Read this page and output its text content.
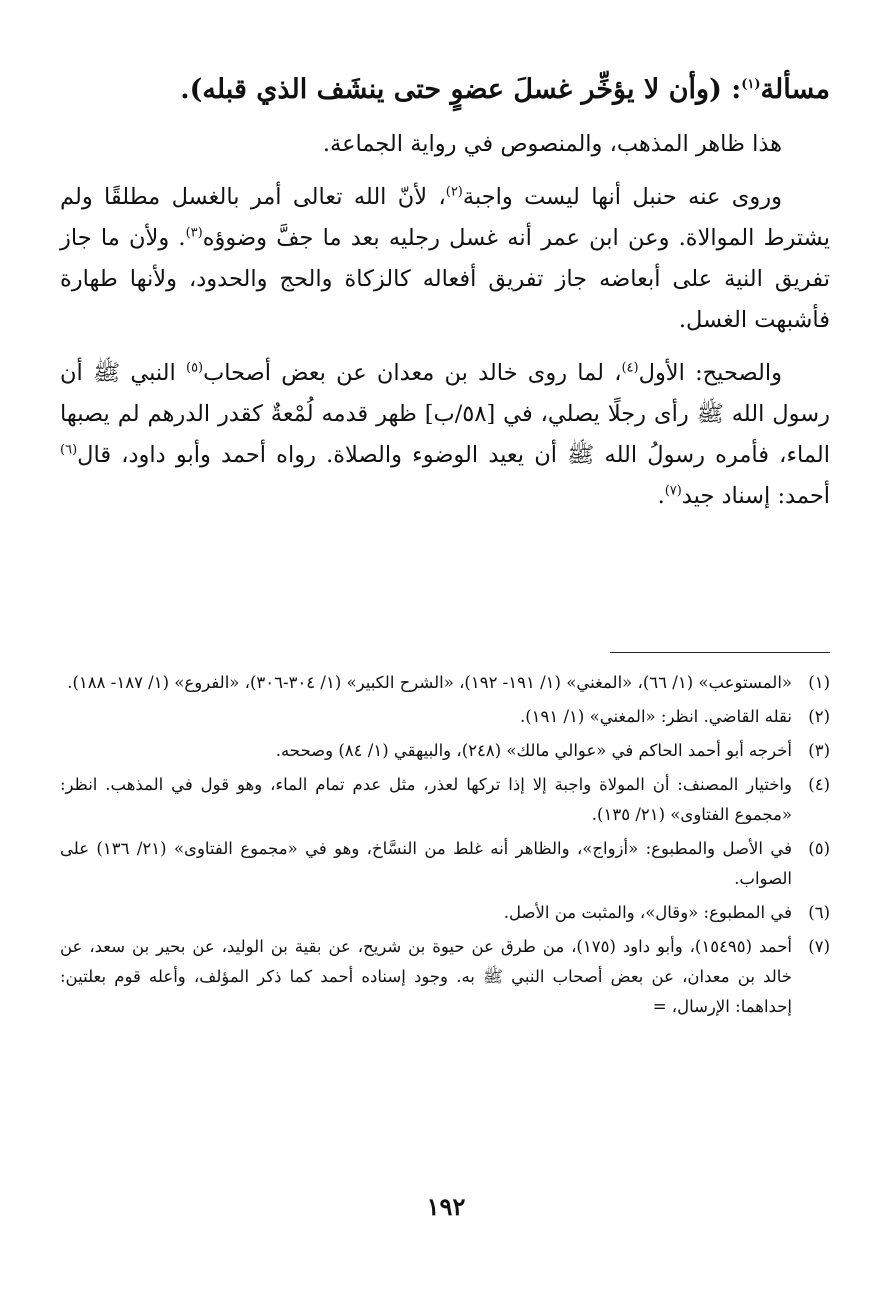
مسألة$^{(١)}$: (وأن لا يؤخِّر غسلَ عضوٍ حتى ينشَف الذي قبله).

هذا ظاهر المذهب، والمنصوص في رواية الجماعة.

وروى عنه حنبل أنها ليست واجبة$^{(٢)}$، لأنّ الله تعالى أمر بالغسل مطلقًا ولم يشترط الموالاة. وعن ابن عمر أنه غسل رجليه بعد ما جفَّ وضوؤه$^{(٣)}$. ولأن ما جاز تفريق النية على أبعاضه جاز تفريق أفعاله كالزكاة والحج والحدود، ولأنها طهارة فأشبهت الغسل.

والصحيح: الأول$^{(٤)}$، لما روى خالد بن معدان عن بعض أصحاب$^{(٥)}$ النبي ﷺ أن رسول الله ﷺ رأى رجلًا يصلي، في [٥٨/ب] ظهر قدمه لُمْعةٌ كقدر الدرهم لم يصبها الماء، فأمره رسولُ الله ﷺ أن يعيد الوضوء والصلاة. رواه أحمد وأبو داود، قال$^{(٦)}$ أحمد: إسناد جيد$^{(٧)}$.

(١)
«المستوعب» (١/ ٦٦)، «المغني» (١/ ١٩١- ١٩٢)، «الشرح الكبير» (١/ ٣٠٤-٣٠٦)، «الفروع» (١/ ١٨٧- ١٨٨).
(٢)
نقله القاضي. انظر: «المغني» (١/ ١٩١).
(٣)
أخرجه أبو أحمد الحاكم في «عوالي مالك» (٢٤٨)، والبيهقي (١/ ٨٤) وصححه.
(٤)
واختيار المصنف: أن المولاة واجبة إلا إذا تركها لعذر، مثل عدم تمام الماء، وهو قول في المذهب. انظر: «مجموع الفتاوى» (٢١/ ١٣٥).
(٥)
في الأصل والمطبوع: «أزواج»، والظاهر أنه غلط من النسَّاخ، وهو في «مجموع الفتاوى» (٢١/ ١٣٦) على الصواب.
(٦)
في المطبوع: «وقال»، والمثبت من الأصل.
(٧)
أحمد (١٥٤٩٥)، وأبو داود (١٧٥)، من طرق عن حيوة بن شريح، عن بقية بن الوليد، عن بحير بن سعد، عن خالد بن معدان، عن بعض أصحاب النبي ﷺ به. وجود إسناده أحمد كما ذكر المؤلف، وأعله قوم بعلتين: إحداهما: الإرسال، =
١٩٢
